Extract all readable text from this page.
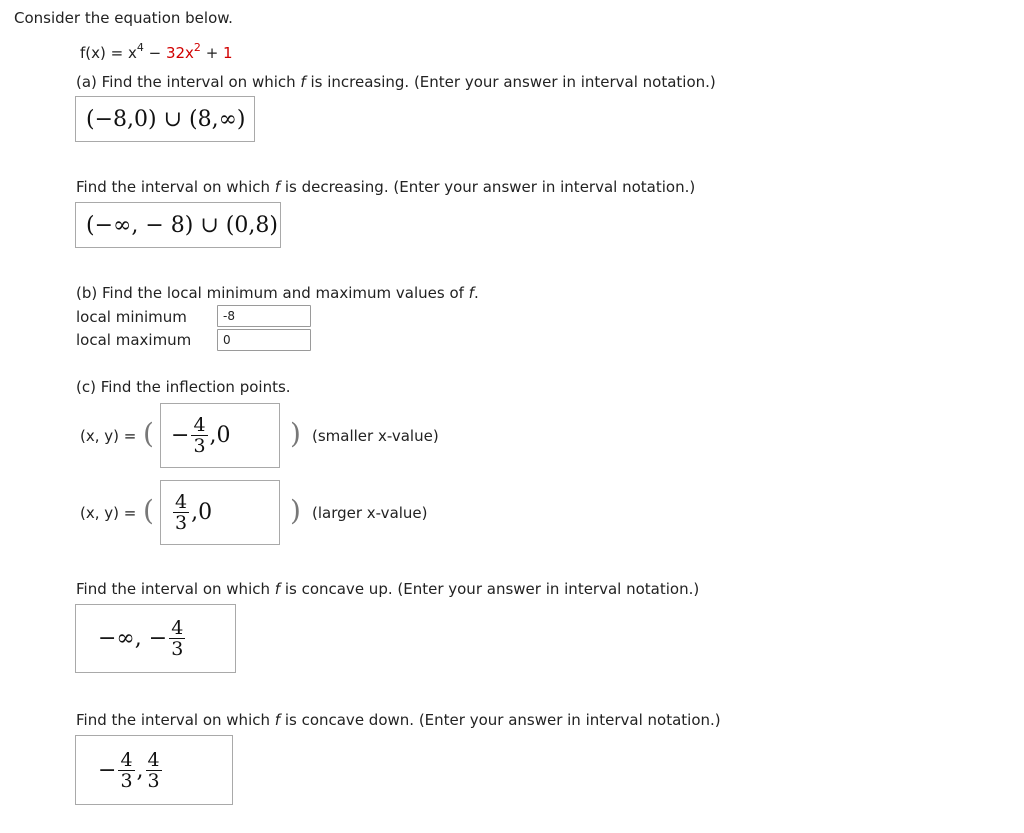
Consider the equation below.
$f(x) = x^4 - 32x^2 + 1$
(a) Find the interval on which f is increasing. (Enter your answer in interval notation.)
(−8,0) ∪ (8,∞)
Find the interval on which f is decreasing. (Enter your answer in interval notation.)
(−∞, − 8) ∪ (0,8)
(b) Find the local minimum and maximum values of f.
local minimum
-8
local maximum
0
(c) Find the inflection points.
(x, y) = ( − $\frac{4}{3} ,0$ ) (smaller x-value)
(x, y) = ( $\frac{4}{3} ,0$	) (larger x-value)
Find the interval on which f is concave up. (Enter your answer in interval notation.)
−∞, − $\frac{4}{3}$
Find the interval on which f is concave down. (Enter your answer in interval notation.)
− $\frac{4}{3}$ , $\frac{4}{3}$
